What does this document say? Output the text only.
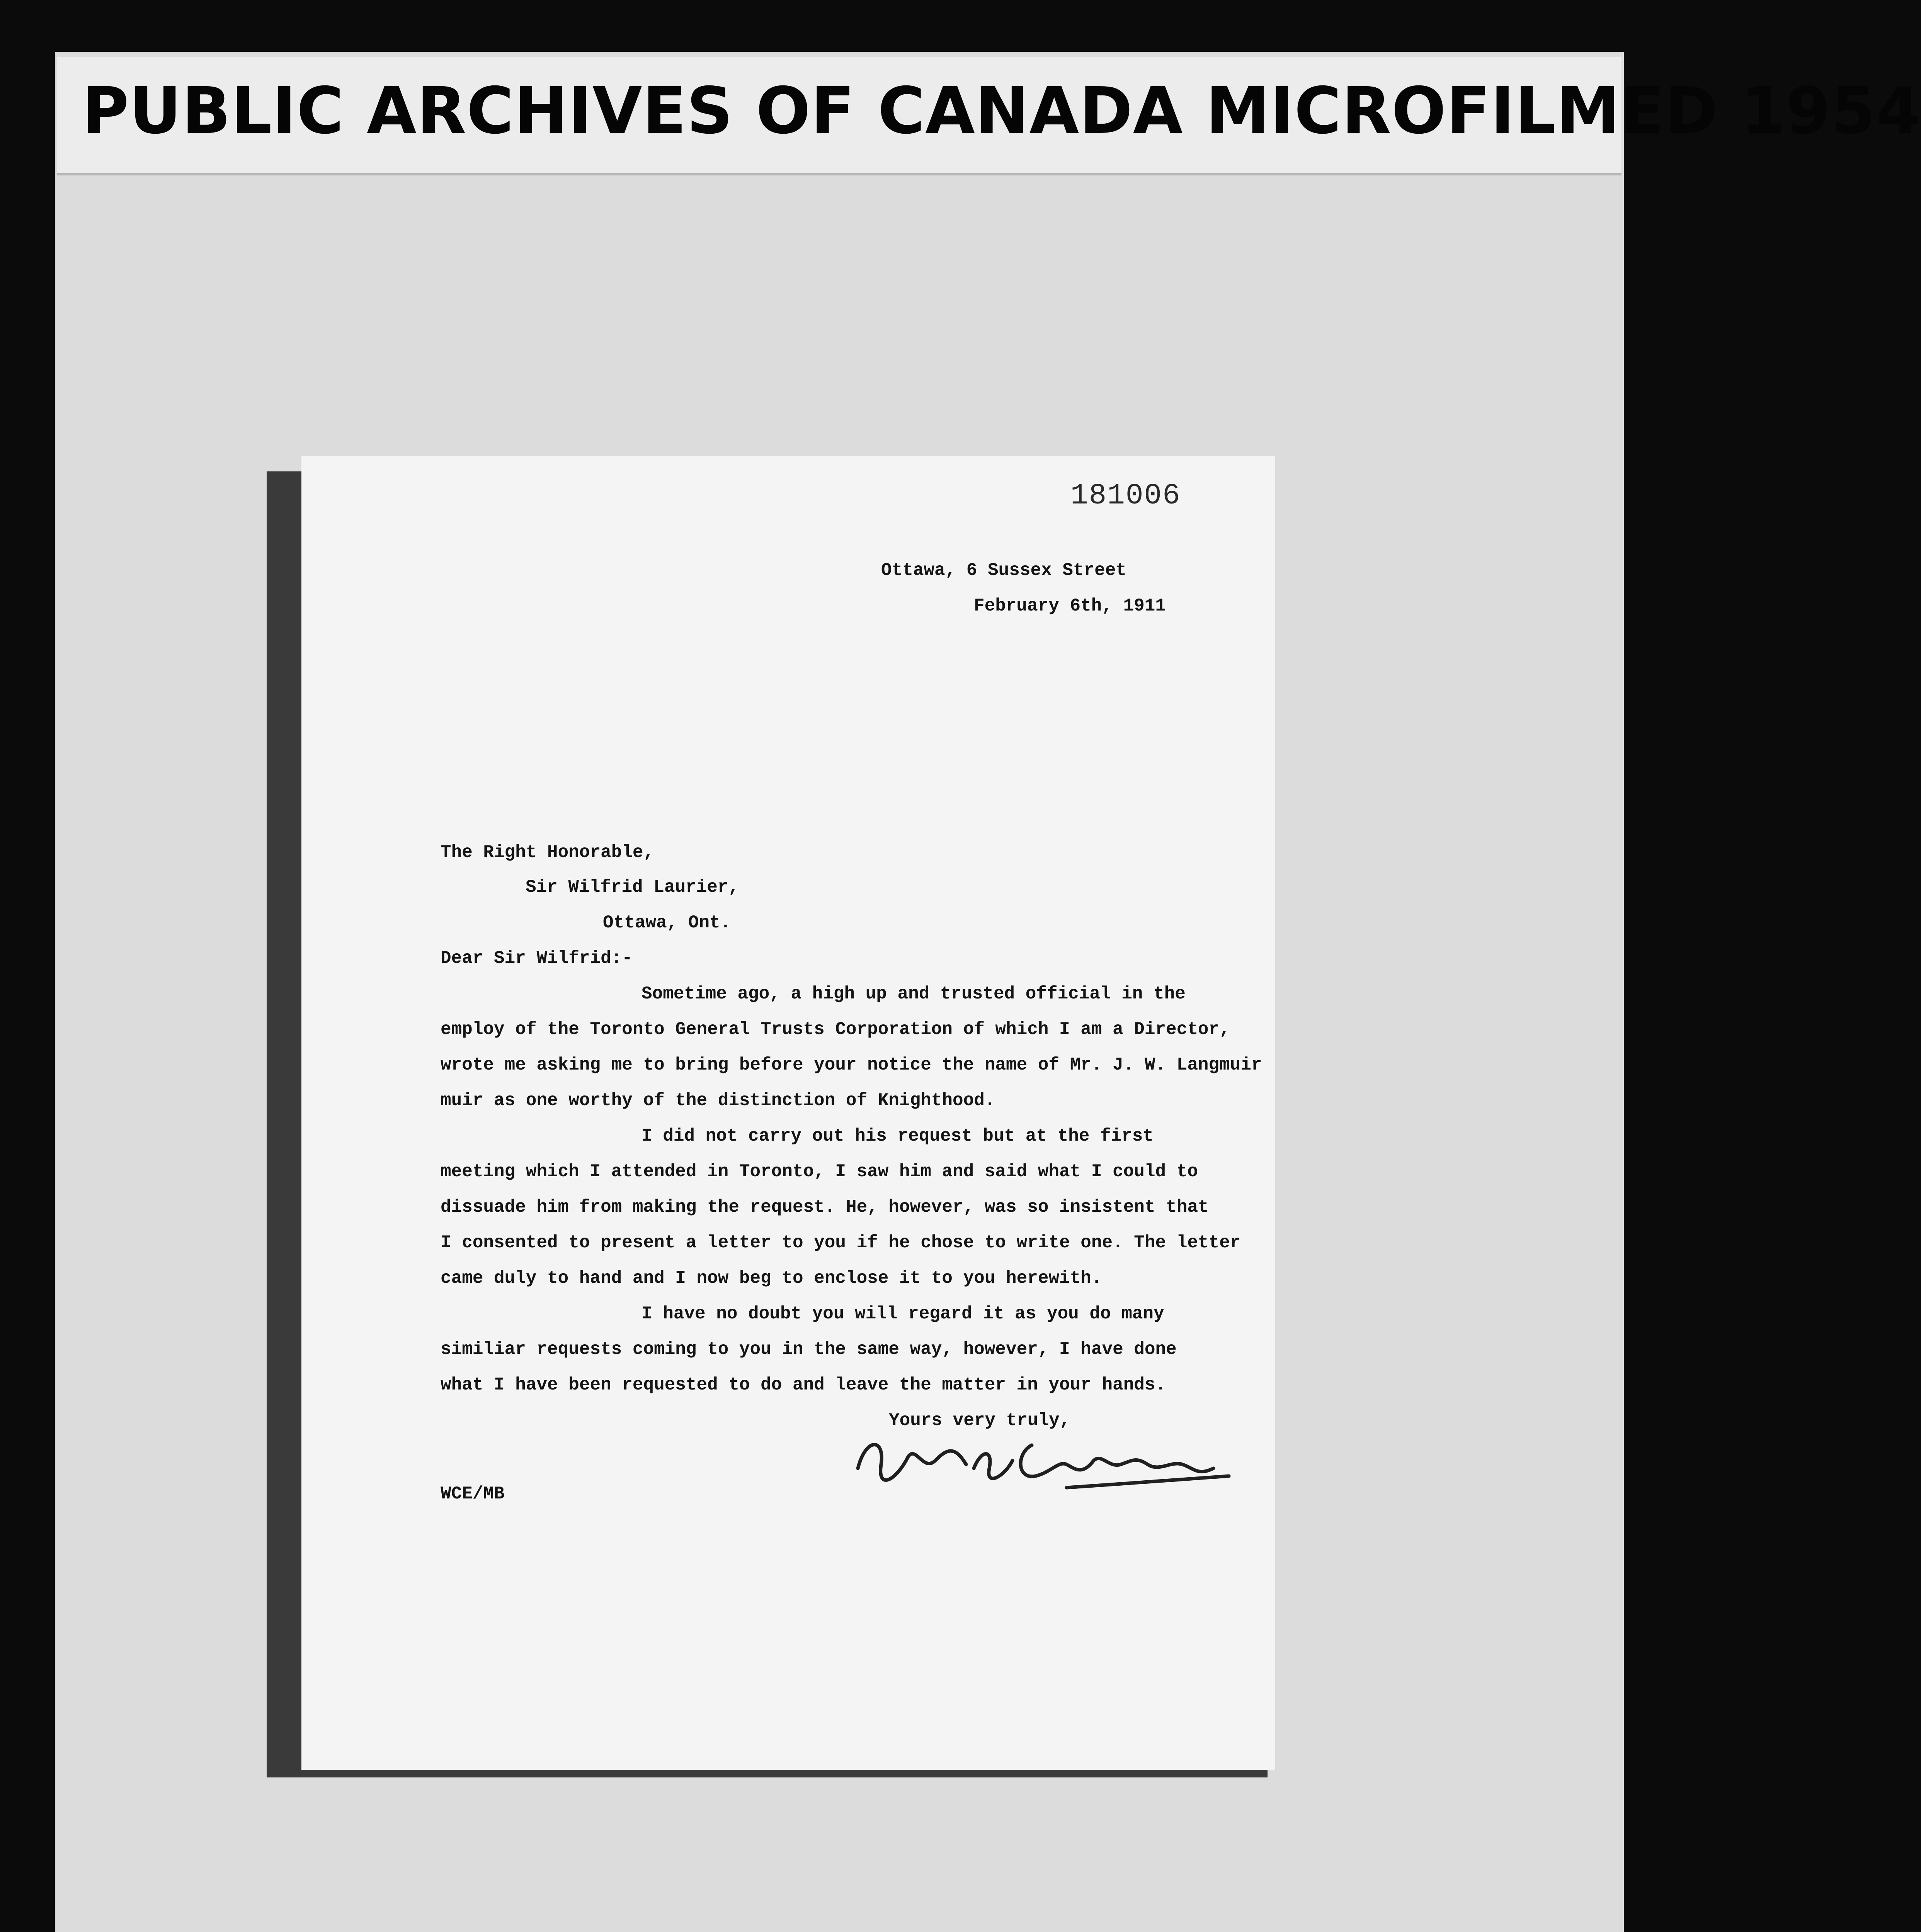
PUBLIC ARCHIVES OF CANADA MICROFILMED 1954
181006
Ottawa, 6 Sussex Street
February 6th, 1911
The Right Honorable,
Sir Wilfrid Laurier,
Ottawa, Ont.
Dear Sir Wilfrid:-
Sometime ago, a high up and trusted official in the
employ of the Toronto General Trusts Corporation of which I am a Director,
wrote me asking me to bring before your notice the name of Mr. J. W. Langmuir
muir as one worthy of the distinction of Knighthood.
I did not carry out his request but at the first
meeting which I attended in Toronto, I saw him and said what I could to
dissuade him from making the request. He, however, was so insistent that
I consented to present a letter to you if he chose to write one. The letter
came duly to hand and I now beg to enclose it to you herewith.
I have no doubt you will regard it as you do many
similiar requests coming to you in the same way, however, I have done
what I have been requested to do and leave the matter in your hands.
Yours very truly,
WCE/MB
